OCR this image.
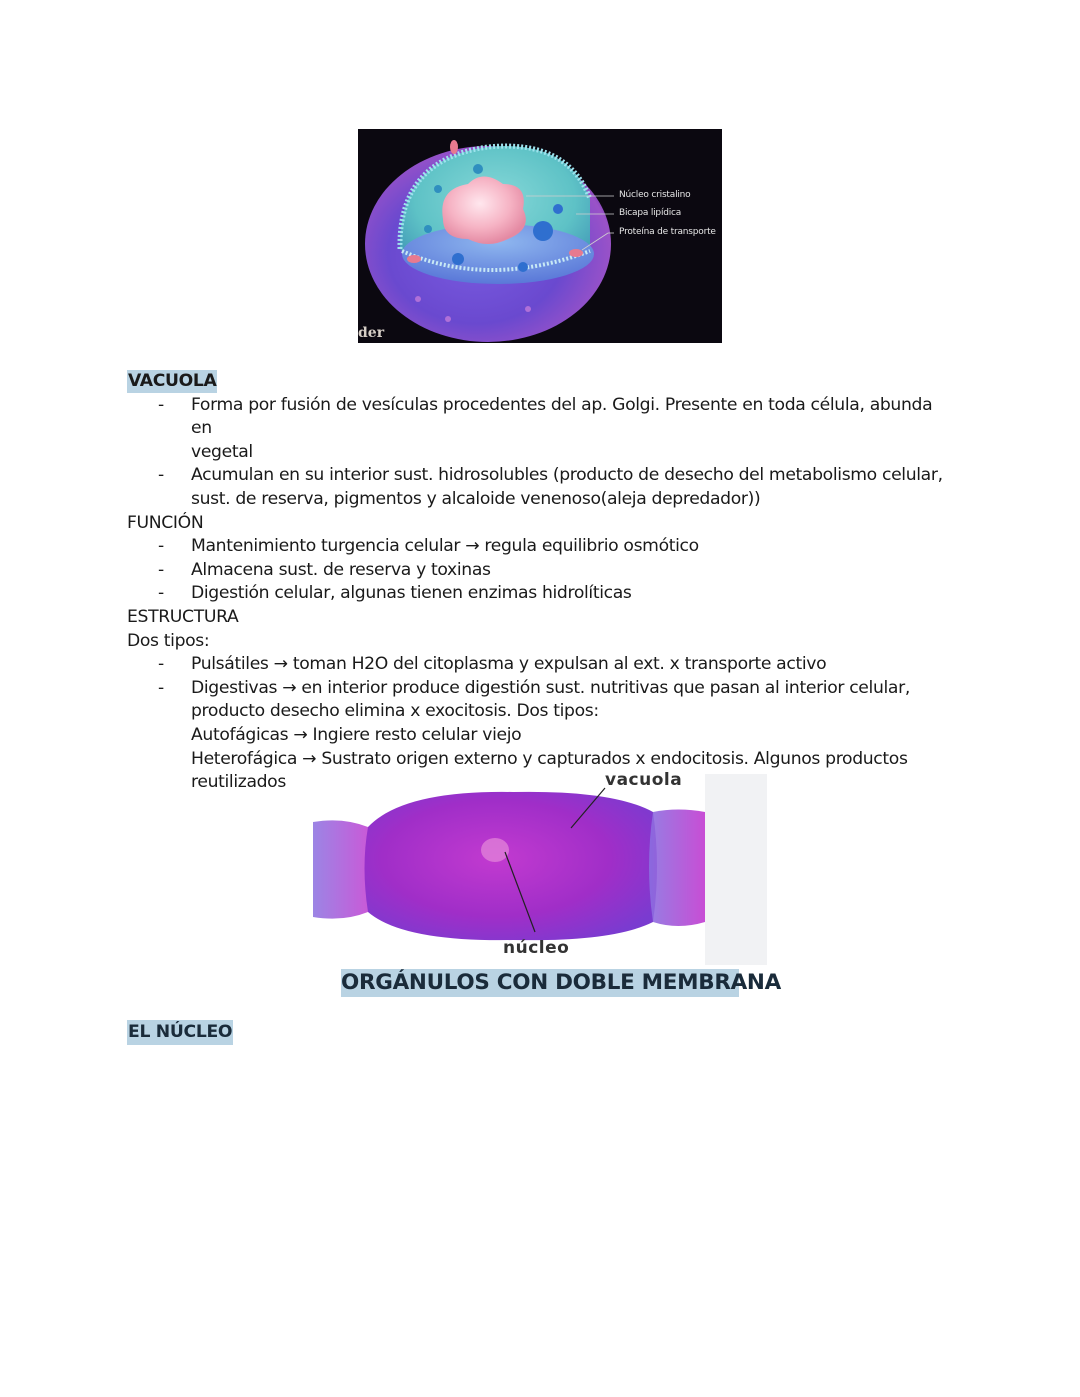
Núcleo cristalino
Bicapa lipídica
Proteína de transporte
der
VACUOLA
-	Forma por fusión de vesículas procedentes del ap. Golgi. Presente en toda célula, abunda en
vegetal
-	Acumulan en su interior sust. hidrosolubles (producto de desecho del metabolismo celular,
sust. de reserva, pigmentos y alcaloide venenoso(aleja depredador))
FUNCIÓN
-	Mantenimiento turgencia celular → regula equilibrio osmótico
-	Almacena sust. de reserva y toxinas
-	Digestión celular, algunas tienen enzimas hidrolíticas
ESTRUCTURA
Dos tipos:
-	Pulsátiles → toman H2O del citoplasma y expulsan al ext. x transporte activo
-	Digestivas → en interior produce digestión sust. nutritivas que pasan al interior celular,
producto desecho elimina x exocitosis. Dos tipos:
Autofágicas → Ingiere resto celular viejo
Heterofágica → Sustrato origen externo y capturados x endocitosis. Algunos productos
reutilizados	vacuola
núcleo
ORGÁNULOS CON DOBLE MEMBRANA
EL NÚCLEO
